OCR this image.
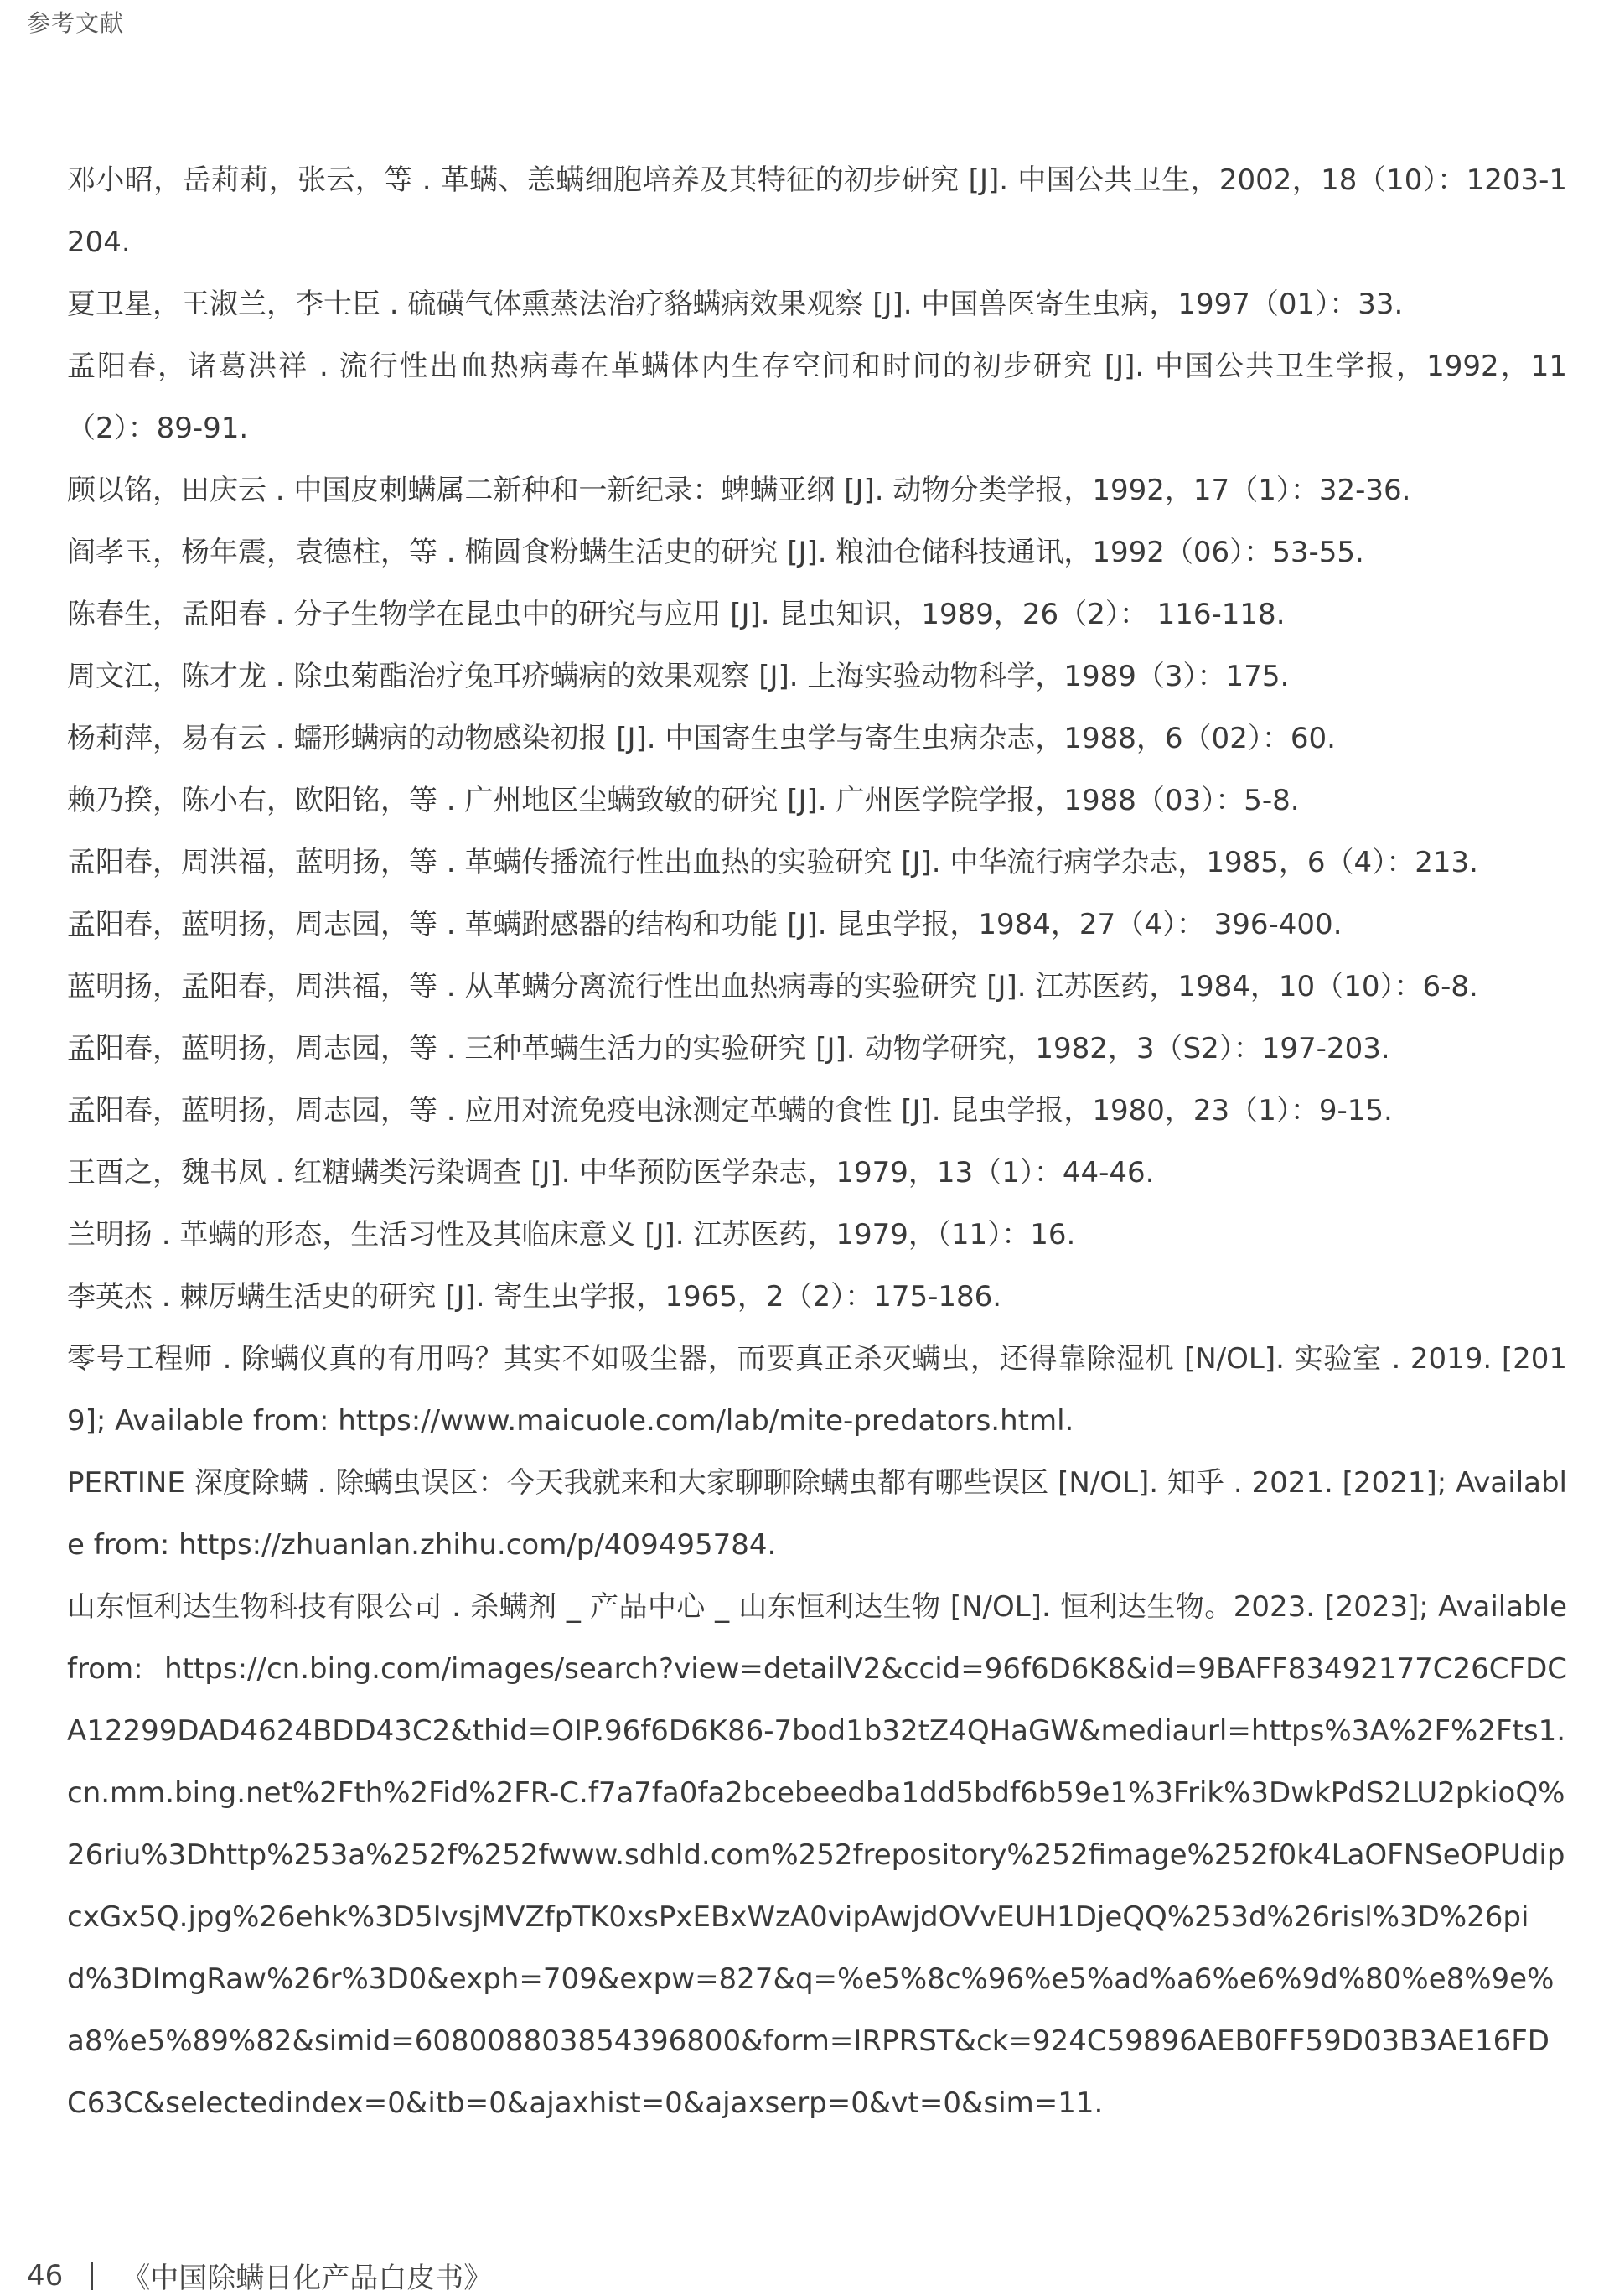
参考文献
邓小昭，岳莉莉，张云，等 . 革螨、恙螨细胞培养及其特征的初步研究 [J]. 中国公共卫生，2002，18（10）：1203-1204.
夏卫星，王淑兰，李士臣 . 硫磺气体熏蒸法治疗貉螨病效果观察 [J]. 中国兽医寄生虫病，1997（01）：33.
孟阳春，诸葛洪祥 . 流行性出血热病毒在革螨体内生存空间和时间的初步研究 [J]. 中国公共卫生学报，1992，11（2）：89-91.
顾以铭，田庆云 . 中国皮刺螨属二新种和一新纪录：蜱螨亚纲 [J]. 动物分类学报，1992，17（1）：32-36.
阎孝玉，杨年震，袁德柱，等 . 椭圆食粉螨生活史的研究 [J]. 粮油仓储科技通讯，1992（06）：53-55.
陈春生，孟阳春 . 分子生物学在昆虫中的研究与应用 [J]. 昆虫知识，1989，26（2）： 116-118.
周文江，陈才龙 . 除虫菊酯治疗兔耳疥螨病的效果观察 [J]. 上海实验动物科学，1989（3）：175.
杨莉萍，易有云 . 蠕形螨病的动物感染初报 [J]. 中国寄生虫学与寄生虫病杂志，1988，6（02）：60.
赖乃揆，陈小右，欧阳铭，等 . 广州地区尘螨致敏的研究 [J]. 广州医学院学报，1988（03）：5-8.
孟阳春，周洪福，蓝明扬，等 . 革螨传播流行性出血热的实验研究 [J]. 中华流行病学杂志，1985，6（4）：213.
孟阳春，蓝明扬，周志园，等 . 革螨跗感器的结构和功能 [J]. 昆虫学报，1984，27（4）： 396-400.
蓝明扬，孟阳春，周洪福，等 . 从革螨分离流行性出血热病毒的实验研究 [J]. 江苏医药，1984，10（10）：6-8.
孟阳春，蓝明扬，周志园，等 . 三种革螨生活力的实验研究 [J]. 动物学研究，1982，3（S2）：197-203.
孟阳春，蓝明扬，周志园，等 . 应用对流免疫电泳测定革螨的食性 [J]. 昆虫学报，1980，23（1）：9-15.
王酉之，魏书凤 . 红糖螨类污染调查 [J]. 中华预防医学杂志，1979，13（1）：44-46.
兰明扬 . 革螨的形态，生活习性及其临床意义 [J]. 江苏医药，1979，（11）：16.
李英杰 . 棘厉螨生活史的研究 [J]. 寄生虫学报，1965，2（2）：175-186.
零号工程师 . 除螨仪真的有用吗？其实不如吸尘器，而要真正杀灭螨虫，还得靠除湿机 [N/OL]. 实验室 . 2019. [2019]; Available from: https://www.maicuole.com/lab/mite-predators.html.
PERTINE 深度除螨 . 除螨虫误区：今天我就来和大家聊聊除螨虫都有哪些误区 [N/OL]. 知乎 . 2021. [2021]; Available from: https://zhuanlan.zhihu.com/p/409495784.
山东恒利达生物科技有限公司 . 杀螨剂 _ 产品中心 _ 山东恒利达生物 [N/OL]. 恒利达生物。2023. [2023]; Available from: https://cn.bing.com/images/search?view=detailV2&ccid=96f6D6K8&id=9BAFF83492177C26CFDCA12299DAD4624BDD43C2&thid=OIP.96f6D6K86-7bod1b32tZ4QHaGW&mediaurl=https%3A%2F%2Fts1.cn.mm.bing.net%2Fth%2Fid%2FR-C.f7a7fa0fa2bcebeedba1dd5bdf6b59e1%3Frik%3DwkPdS2LU2pkioQ%26riu%3Dhttp%253a%252f%252fwww.sdhld.com%252frepository%252fimage%252f0k4LaOFNSeOPUdipcxGx5Q.jpg%26ehk%3D5IvsjMVZfpTK0xsPxEBxWzA0vipAwjdOVvEUH1DjeQQ%253d%26risl%3D%26pid%3DImgRaw%26r%3D0&exph=709&expw=827&q=%e5%8c%96%e5%ad%a6%e6%9d%80%e8%9e%a8%e5%89%82&simid=608008803854396800&form=IRPRST&ck=924C59896AEB0FF59D03B3AE16FDC63C&selectedindex=0&itb=0&ajaxhist=0&ajaxserp=0&vt=0&sim=11.
46 《中国除螨日化产品白皮书》
